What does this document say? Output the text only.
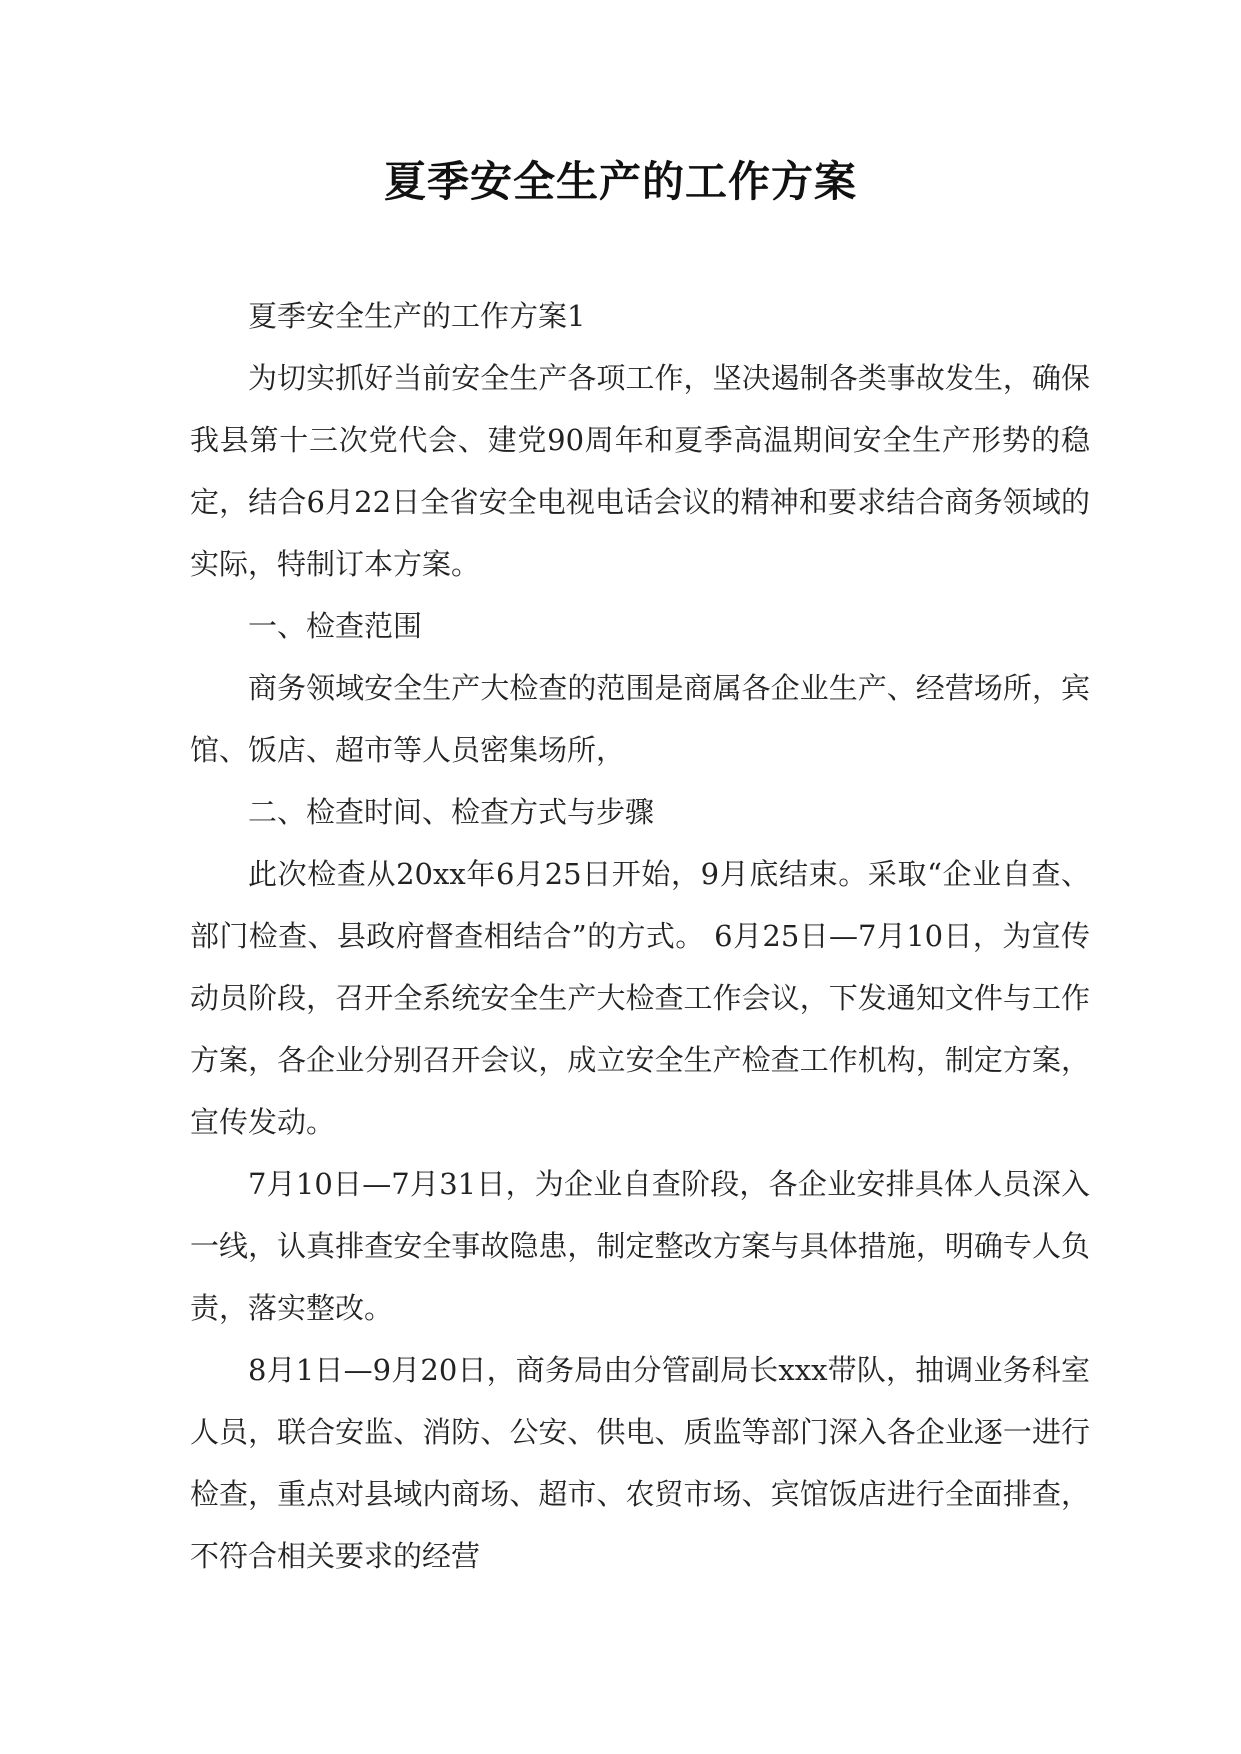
夏季安全生产的工作方案

夏季安全生产的工作方案1

为切实抓好当前安全生产各项工作，坚决遏制各类事故发生，确保我县第十三次党代会、建党90周年和夏季高温期间安全生产形势的稳定，结合6月22日全省安全电视电话会议的精神和要求结合商务领域的实际，特制订本方案。

一、检查范围

商务领域安全生产大检查的范围是商属各企业生产、经营场所，宾馆、饭店、超市等人员密集场所，

二、检查时间、检查方式与步骤

此次检查从20xx年6月25日开始，9月底结束。采取“企业自查、部门检查、县政府督查相结合”的方式。 6月25日—7月10日，为宣传动员阶段，召开全系统安全生产大检查工作会议，下发通知文件与工作方案，各企业分别召开会议，成立安全生产检查工作机构，制定方案，宣传发动。

7月10日—7月31日，为企业自查阶段，各企业安排具体人员深入一线，认真排查安全事故隐患，制定整改方案与具体措施，明确专人负责，落实整改。

8月1日—9月20日，商务局由分管副局长xxx带队，抽调业务科室人员，联合安监、消防、公安、供电、质监等部门深入各企业逐一进行检查，重点对县域内商场、超市、农贸市场、宾馆饭店进行全面排查，不符合相关要求的经营
